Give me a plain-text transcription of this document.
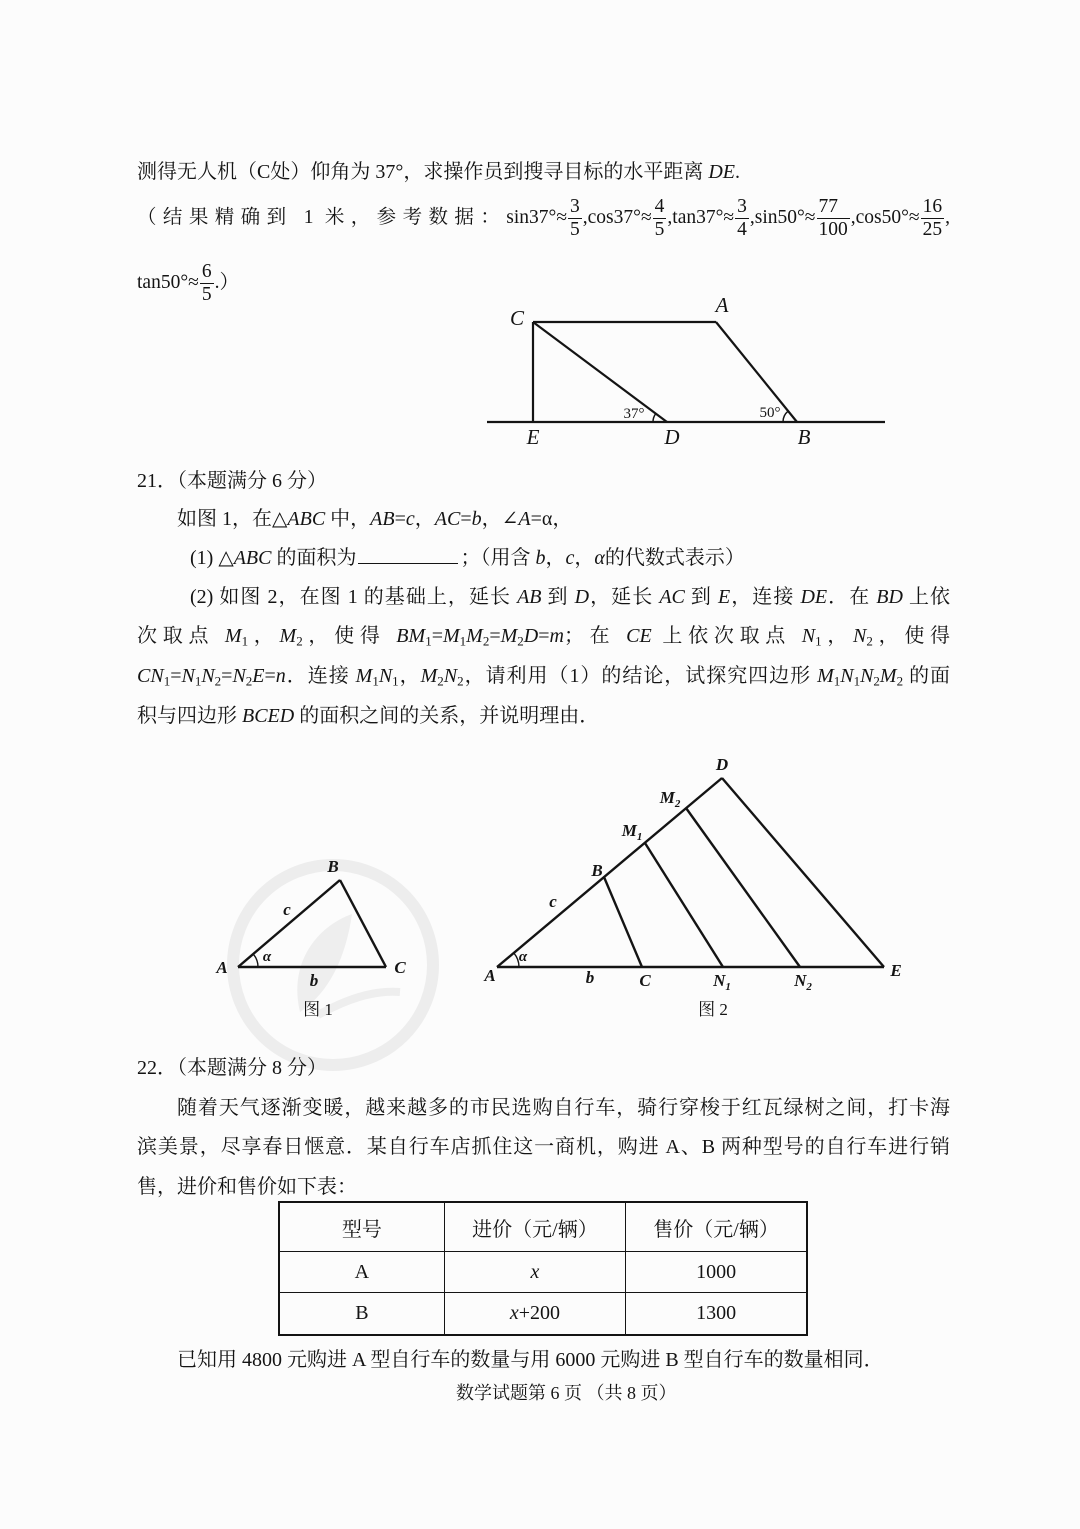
C
A
E	D	B
37°	50°
B
c
α
A
b
C
图 1
D
$M_2$
$M_1$
B
c
α
A	b	C	$N_1$	$N_2$
E
图 2
测得无人机（C处）仰角为 37°，求操作员到搜寻目标的水平距离 DE.
（结果精确到 1 米，参考数据：$\sin 37^\circ\approx \frac{3}{5} ,\cos 37^\circ\approx \frac{4}{5} ,\tan 37^\circ\approx \frac{3}{4} ,\sin 50^\circ\approx \frac{77}{100} ,\cos 50^\circ\approx \frac{16}{25}$ ,
$\tan 50^\circ\approx \frac{6}{5}$ .）
21．（本题满分 6 分）
如图 1，在△ABC 中，AB=c，AC=b，∠A=α，
(1) △ABC 的面积为	；（用含 b，c，α的代数式表示）
(2) 如图 2，在图 1 的基础上，延长 AB 到 D，延长 AC 到 E，连接 DE．在 BD 上依
次取点 $M_1$，$M_2$，使得 $BM_1=M_1M_2=M_2D=m$；在 CE 上依次取点 $N_1$，$N_2$，使得
$CN_1=N_1N_2=N_2E=n$．连接 $M_1N_1$，$M_2N_2$，请利用（1）的结论，试探究四边形 $M_1N_1N_2M_2$ 的面
积与四边形 BCED 的面积之间的关系，并说明理由．
22．（本题满分 8 分）
随着天气逐渐变暖，越来越多的市民选购自行车，骑行穿梭于红瓦绿树之间，打卡海
滨美景，尽享春日惬意．某自行车店抓住这一商机，购进 A、B 两种型号的自行车进行销
售，进价和售价如下表：
型号	进价（元/辆）	售价（元/辆）
A	x	1000
B	x+200	1300
已知用 4800 元购进 A 型自行车的数量与用 6000 元购进 B 型自行车的数量相同．
数学试题第 6 页 （共 8 页）
